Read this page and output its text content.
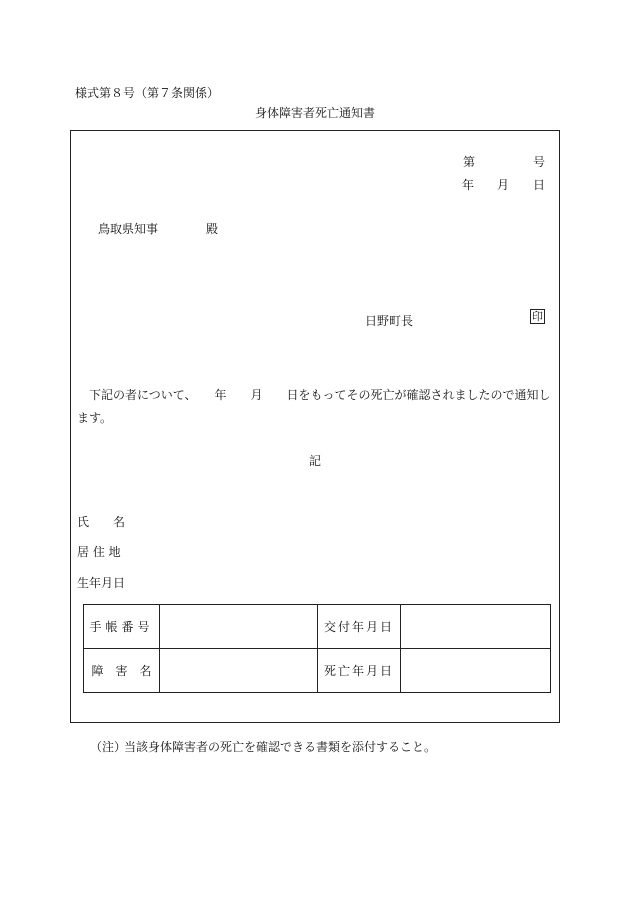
様式第８号（第７条関係）
身体障害者死亡通知書
第	号
年 月 日
鳥取県知事	殿
日野町長	印
　下記の者について、　　年　　月　　日をもってその死亡が確認されましたので通知します。
記
氏　　名
居 住 地
生年月日
手帳番号		交付年月日	
障　害　名		死亡年月日	
（注）
当該身体障害者の死亡を確認できる書類を添付すること。
